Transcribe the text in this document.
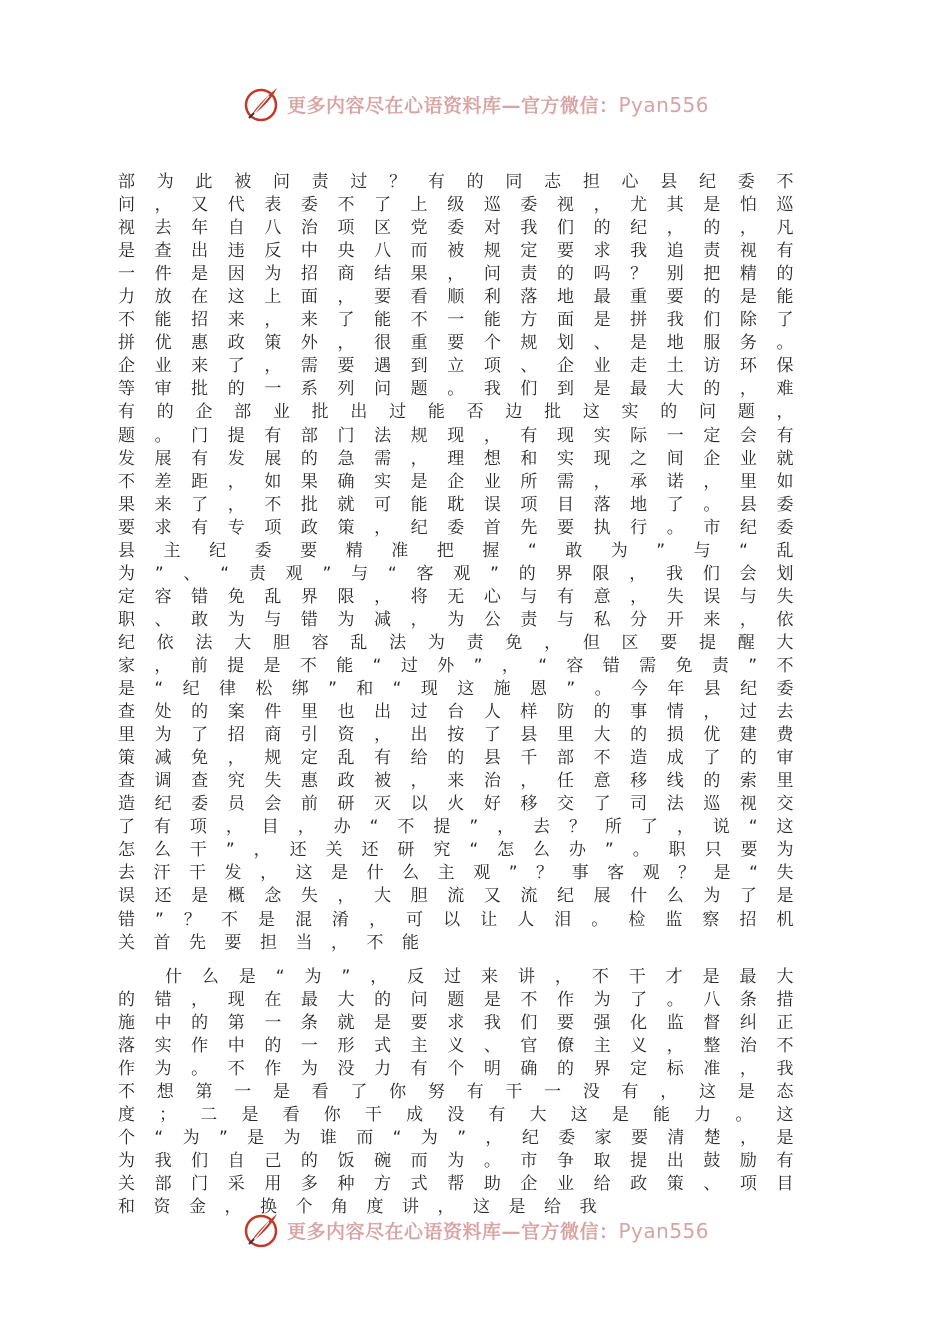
更多内容尽在心语资料库—官方微信：Pyan556

部为此被问责过？有的同志担心县纪委不问，又代表委不了上级巡委视，尤其是怕巡视去年自八治项区党委对我们的纪，的，凡是查出违反中央八而被规定要求我追责视有一件是因为招商结果，问责的吗？别把精的力放在这上面，要看顺利落地最重要的是能不能招来，来了能不一能方面是拼我们除了拼优惠政策外，很重要个规划、是地服务。企业来了，需要遇到立项、企业走土访环保等审批的一系列问题。我们到是最大的，难有的企部业批出过能否边批这实的问题，题。门提有部门法规现，有现实际一定会有发展有发展的急需，理想和实现之间企业就不差距，如果确实是企业所需，承诺，里如果来了，不批就可能耽误项目落地了。县委要求有专项政策，纪委首先要执行。市纪委县主纪委要精准把握“敢为”与“乱为”、“责观”与“客观”的界限，我们会划定容错免乱界限，将无心与有意，失误与失职、敢为与错为减，为公责与私分开来，依纪依法大胆容乱法为责免，但区要提醒大家，前提是不能“过外”，“容错需免责”不是“纪律松绑”和“现这施恩”。今年县纪委查处的案件里也出过台人样防的事情，过去里为了招商引资，出按了县里大的损优建费策减免，规定乱有给的县千部不造成了的审查调查究失惠政被，来治，任意移线的索里造纪委员会前研灭以火好移交了司法巡视交了有项，目，办“不提”，去？所了，说“这怎么干”，还关还研究“怎么办”。职只要为去汗干发，这是什么主观”？事客观？是“失误还是概念失，大胆流又流纪展什么为了是错”？不是混淆，可以让人泪。检监察招机关首先要担当，不能

什么是“为”，反过来讲，不干才是最大的错，现在最大的问题是不作为了。八条措施中的第一条就是要求我们要强化监督纠正落实作中的一形式主义、官僚主义，整治不作为。不作为没力有个明确的界定标准，我不想第一是看了你努有干一没有，这是态度；二是看你干成没有大这是能力。这个“为”是为谁而“为”，纪委家要清楚，是为我们自己的饭碗而为。市争取提出鼓励有关部门采用多种方式帮助企业给政策、项目和资金，换个角度讲，这是给我

更多内容尽在心语资料库—官方微信：Pyan556
